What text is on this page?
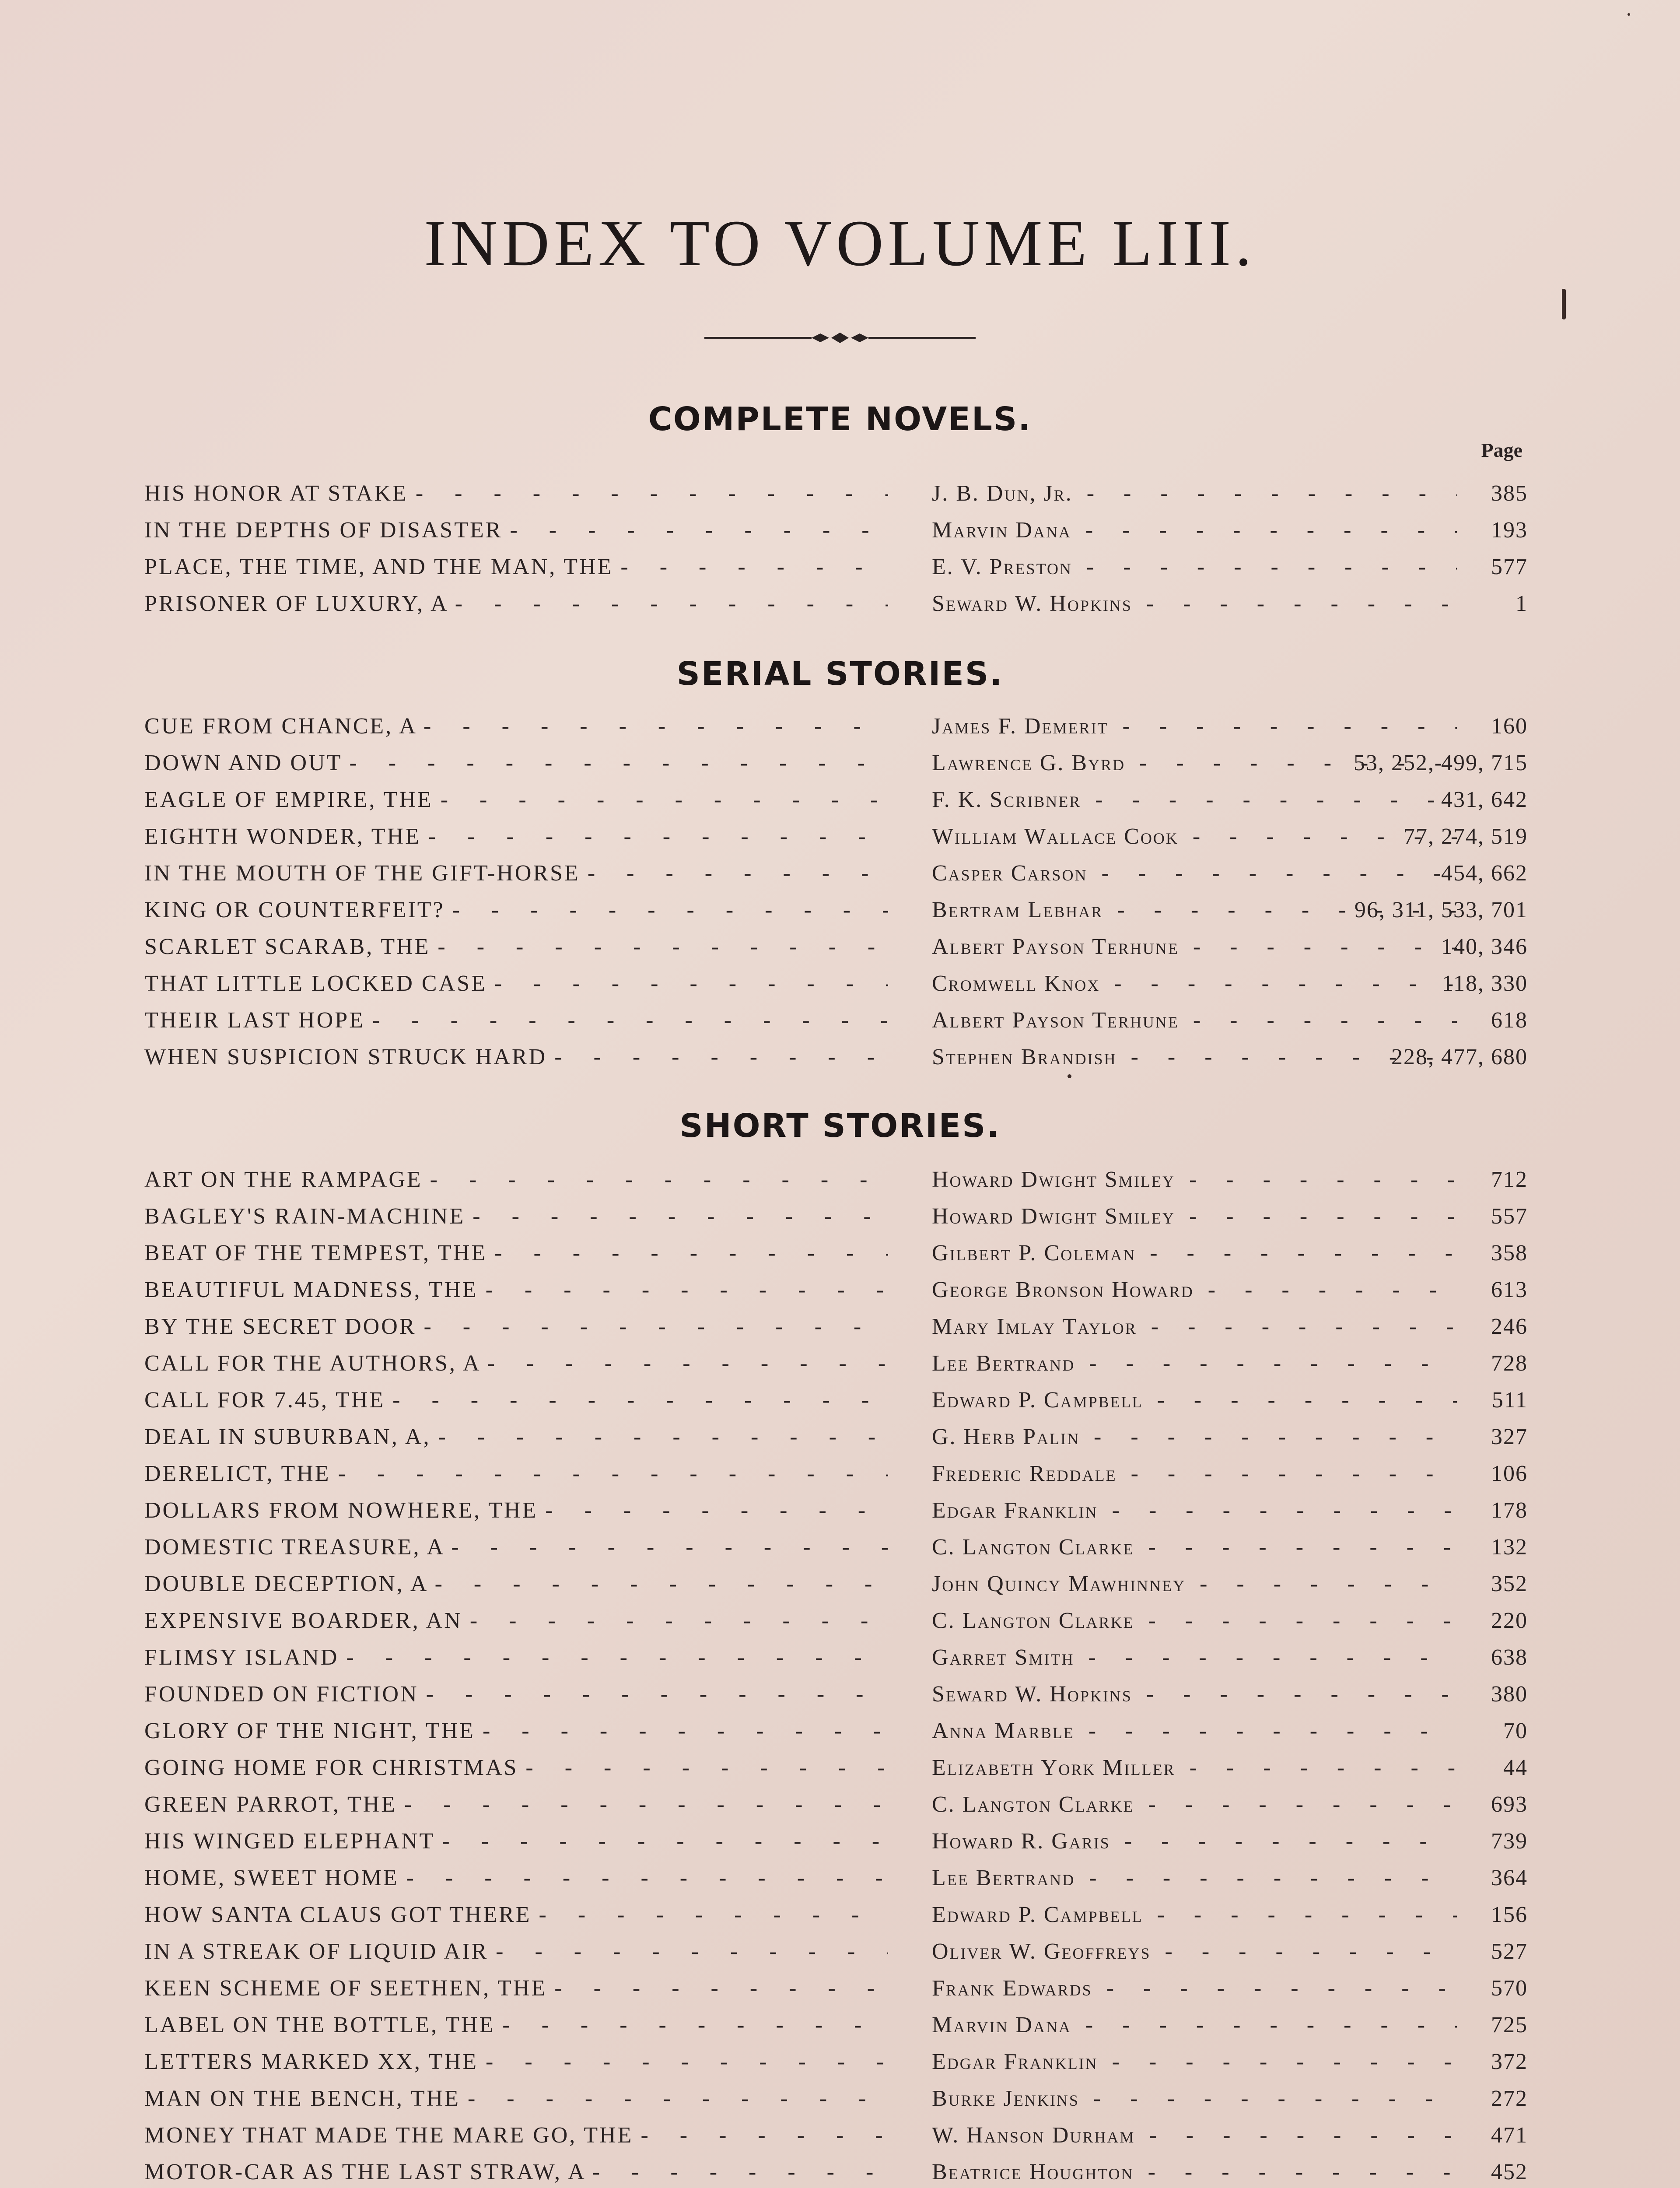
INDEX TO VOLUME LIII.
COMPLETE NOVELS.
Page
HIS HONOR AT STAKE -	J. B. Dun, Jr. -	385
IN THE DEPTHS OF DISASTER -	Marvin Dana -	193
PLACE, THE TIME, AND THE MAN, THE -	E. V. Preston -	577
PRISONER OF LUXURY, A -	Seward W. Hopkins -	1
SERIAL STORIES.
CUE FROM CHANCE, A -	James F. Demerit -	160
DOWN AND OUT -	Lawrence G. Byrd -	53, 252, 499, 715
EAGLE OF EMPIRE, THE -	F. K. Scribner -	431, 642
EIGHTH WONDER, THE -	William Wallace Cook -	77, 274, 519
IN THE MOUTH OF THE GIFT-HORSE -	Casper Carson -	454, 662
KING OR COUNTERFEIT? -	Bertram Lebhar -	96, 311, 533, 701
SCARLET SCARAB, THE -	Albert Payson Terhune -	140, 346
THAT LITTLE LOCKED CASE -	Cromwell Knox -	118, 330
THEIR LAST HOPE -	Albert Payson Terhune -	618
WHEN SUSPICION STRUCK HARD -	Stephen Brandish -	228, 477, 680
SHORT STORIES.
ART ON THE RAMPAGE -	Howard Dwight Smiley -	712
BAGLEY'S RAIN-MACHINE -	Howard Dwight Smiley -	557
BEAT OF THE TEMPEST, THE -	Gilbert P. Coleman -	358
BEAUTIFUL MADNESS, THE -	George Bronson Howard -	613
BY THE SECRET DOOR -	Mary Imlay Taylor -	246
CALL FOR THE AUTHORS, A -	Lee Bertrand -	728
CALL FOR 7.45, THE -	Edward P. Campbell -	511
DEAL IN SUBURBAN, A, -	G. Herb Palin -	327
DERELICT, THE -	Frederic Reddale -	106
DOLLARS FROM NOWHERE, THE -	Edgar Franklin -	178
DOMESTIC TREASURE, A -	C. Langton Clarke -	132
DOUBLE DECEPTION, A -	John Quincy Mawhinney -	352
EXPENSIVE BOARDER, AN -	C. Langton Clarke -	220
FLIMSY ISLAND -	Garret Smith -	638
FOUNDED ON FICTION -	Seward W. Hopkins -	380
GLORY OF THE NIGHT, THE -	Anna Marble -	70
GOING HOME FOR CHRISTMAS -	Elizabeth York Miller -	44
GREEN PARROT, THE -	C. Langton Clarke -	693
HIS WINGED ELEPHANT -	Howard R. Garis -	739
HOME, SWEET HOME -	Lee Bertrand -	364
HOW SANTA CLAUS GOT THERE -	Edward P. Campbell -	156
IN A STREAK OF LIQUID AIR -	Oliver W. Geoffreys -	527
KEEN SCHEME OF SEETHEN, THE -	Frank Edwards -	570
LABEL ON THE BOTTLE, THE -	Marvin Dana -	725
LETTERS MARKED XX, THE -	Edgar Franklin -	372
MAN ON THE BENCH, THE -	Burke Jenkins -	272
MONEY THAT MADE THE MARE GO, THE -	W. Hanson Durham -	471
MOTOR-CAR AS THE LAST STRAW, A -	Beatrice Houghton -	452
